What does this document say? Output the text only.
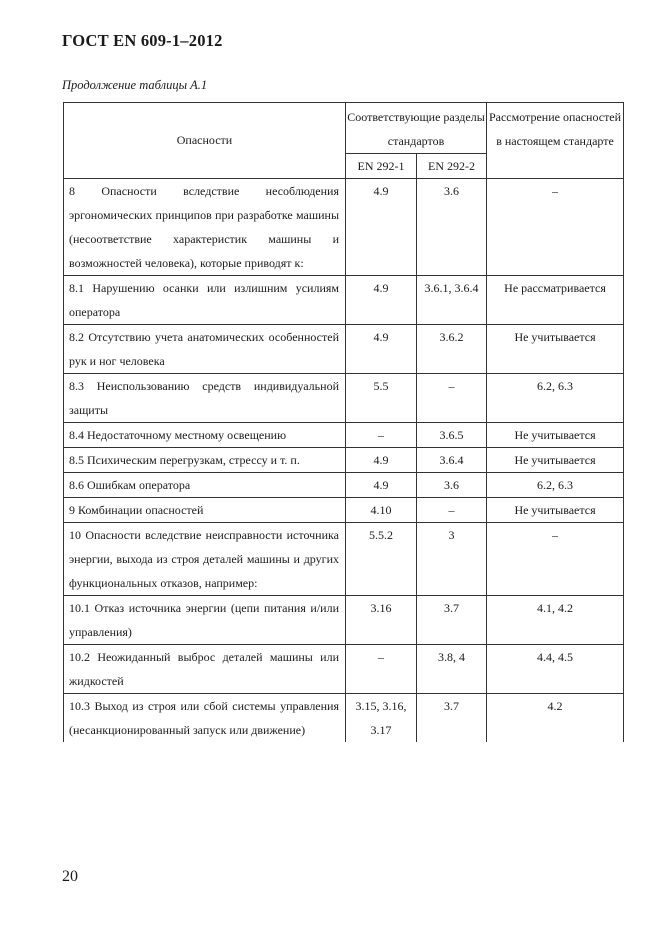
ГОСТ EN 609-1–2012
Продолжение таблицы А.1
Опасности	Соответствующие разделы стандартов		Рассмотрение опасностей в настоящем стандарте
	EN 292-1	EN 292-2	
8 Опасности вследствие несоблюдения эргономических принципов при разработке машины (несоответствие характеристик машины и возможностей человека), которые приводят к:	4.9	3.6	–
8.1 Нарушению осанки или излишним усилиям оператора	4.9	3.6.1, 3.6.4	Не рассматривается
8.2 Отсутствию учета анатомических особенностей рук и ног человека	4.9	3.6.2	Не учитывается
8.3 Неиспользованию средств индивидуальной защиты	5.5	–	6.2, 6.3
8.4 Недостаточному местному освещению	–	3.6.5	Не учитывается
8.5 Психическим перегрузкам, стрессу и т. п.	4.9	3.6.4	Не учитывается
8.6 Ошибкам оператора	4.9	3.6	6.2, 6.3
9 Комбинации опасностей	4.10	–	Не учитывается
10 Опасности вследствие неисправности источника энергии, выхода из строя деталей машины и других функциональных отказов, например:	5.5.2	3	–
10.1 Отказ источника энергии (цепи питания и/или управления)	3.16	3.7	4.1, 4.2
10.2 Неожиданный выброс деталей машины или жидкостей	–	3.8, 4	4.4, 4.5
10.3 Выход из строя или сбой системы управления (несанкционированный запуск или движение)	3.15, 3.16, 3.17	3.7	4.2
20
